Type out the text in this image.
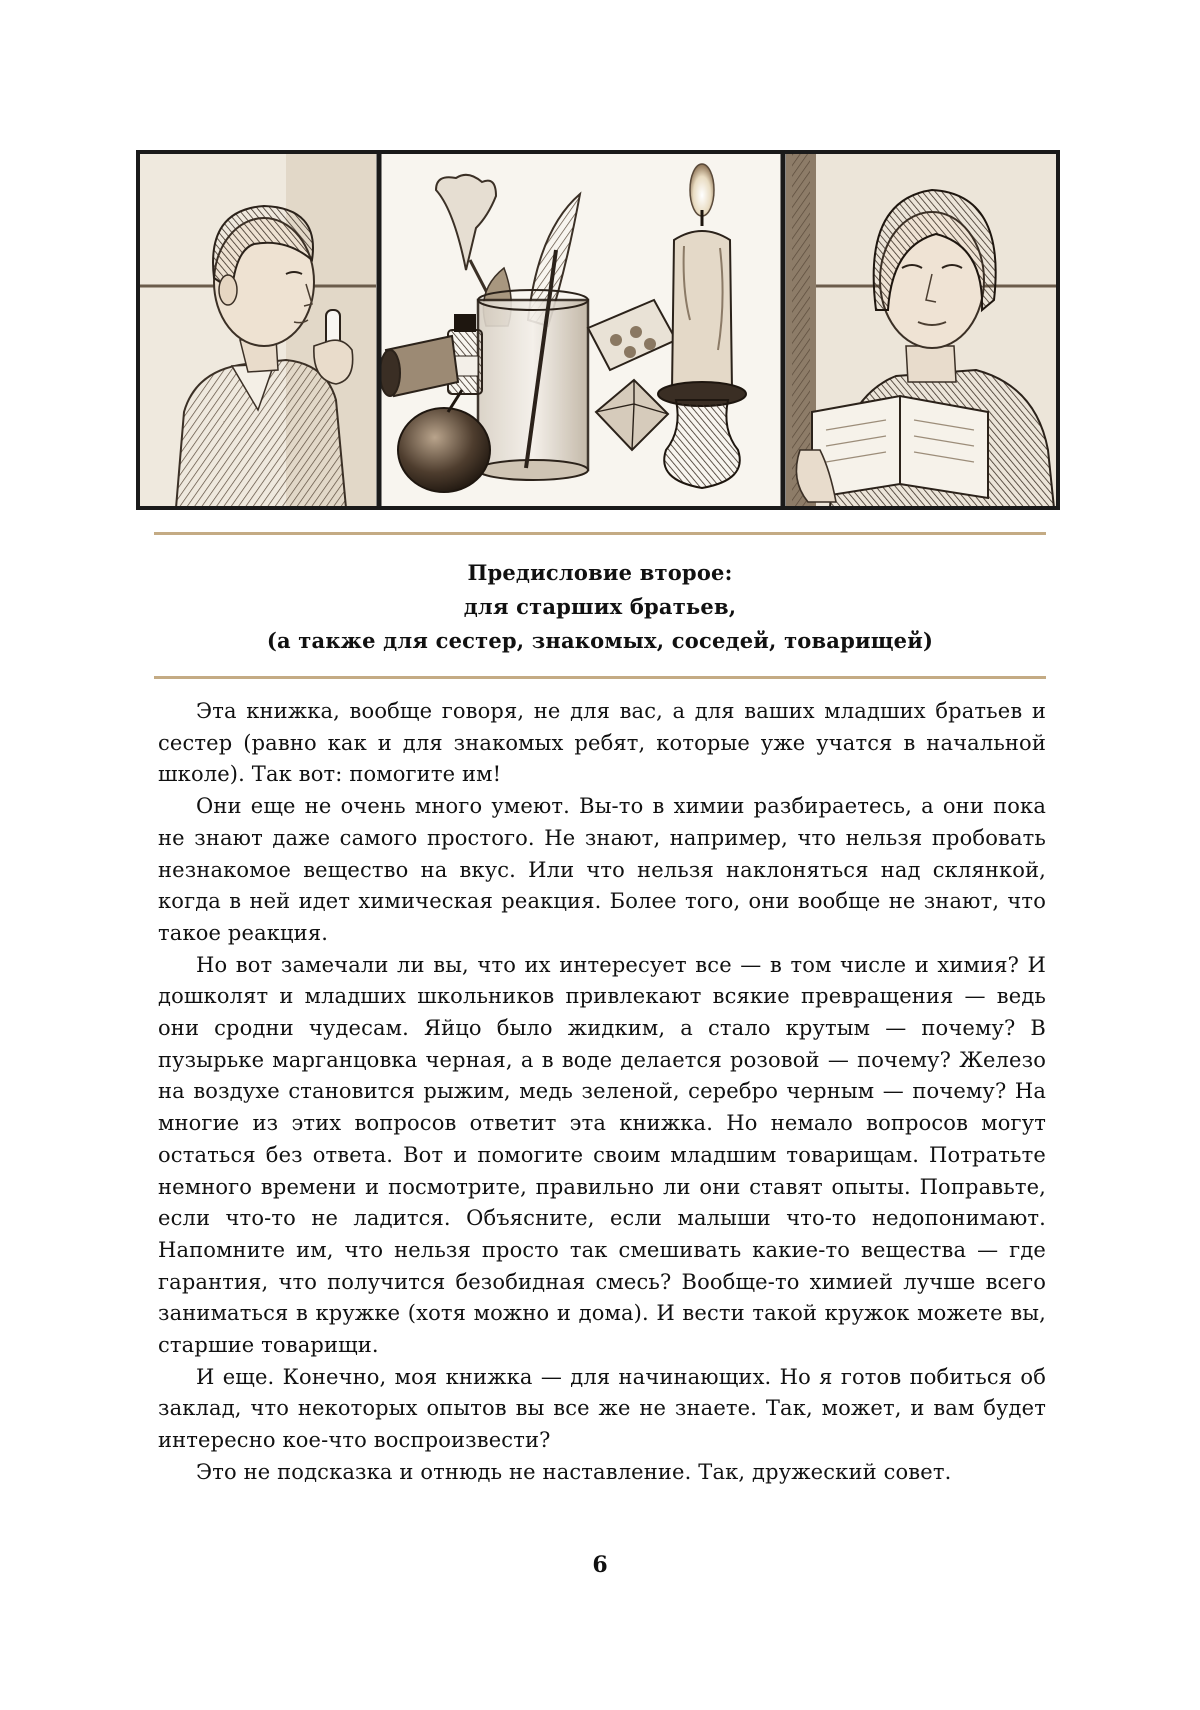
Предисловие второе:
для старших братьев,
(а также для сестер, знакомых, соседей, товарищей)

Эта книжка, вообще говоря, не для вас, а для ваших младших братьев и сестер (равно как и для знакомых ребят, которые уже учатся в начальной школе). Так вот: помогите им!

Они еще не очень много умеют. Вы-то в химии разбираетесь, а они пока не знают даже самого простого. Не знают, например, что нельзя пробовать незнакомое вещество на вкус. Или что нельзя наклоняться над склянкой, когда в ней идет химическая реакция. Более того, они вообще не знают, что такое реакция.

Но вот замечали ли вы, что их интересует все — в том числе и химия? И дошколят и младших школьников привлекают всякие превращения — ведь они сродни чудесам. Яйцо было жидким, а стало крутым — почему? В пузырьке марганцовка черная, а в воде делается розовой — почему? Железо на воздухе становится рыжим, медь зеленой, серебро черным — почему? На многие из этих вопросов ответит эта книжка. Но немало вопросов могут остаться без ответа. Вот и помогите своим младшим товарищам. Потратьте немного времени и посмотрите, правильно ли они ставят опыты. Поправьте, если что-то не ладится. Объясните, если малыши что-то недопонимают. Напомните им, что нельзя просто так смешивать какие-то вещества — где гарантия, что получится безобидная смесь? Вообще-то химией лучше всего заниматься в кружке (хотя можно и дома). И вести такой кружок можете вы, старшие товарищи.

И еще. Конечно, моя книжка — для начинающих. Но я готов побиться об заклад, что некоторых опытов вы все же не знаете. Так, может, и вам будет интересно кое-что воспроизвести?

Это не подсказка и отнюдь не наставление. Так, дружеский совет.

6
